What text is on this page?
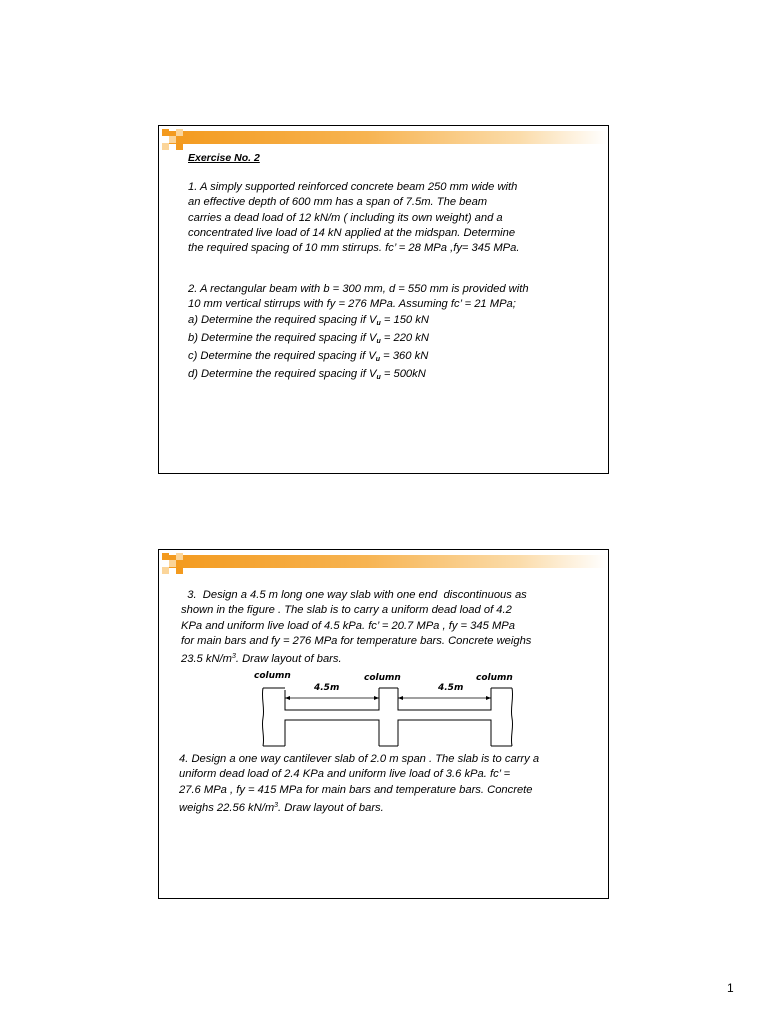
Exercise No. 2
1. A simply supported reinforced concrete beam 250 mm wide with
an effective depth of 600 mm has a span of 7.5m. The beam
carries a dead load of 12 kN/m ( including its own weight) and a
concentrated live load of 14 kN applied at the midspan. Determine
the required spacing of 10 mm stirrups. fc’ = 28 MPa ,fy= 345 MPa.
2. A rectangular beam with b = 300 mm, d = 550 mm is provided with
10 mm vertical stirrups with fy = 276 MPa. Assuming fc’ = 21 MPa;
a) Determine the required spacing if $V_u = 150$ kN
b) Determine the required spacing if $V_u = 220$ kN
c) Determine the required spacing if $V_u = 360$ kN
d) Determine the required spacing if $V_u = 500kN$
3.  Design a 4.5 m long one way slab with one end  discontinuous as
shown in the figure . The slab is to carry a uniform dead load of 4.2
KPa and uniform live load of 4.5 kPa. fc’ = 20.7 MPa , fy = 345 MPa
for main bars and fy = 276 MPa for temperature bars. Concrete weighs
23.5 $kN/m^3$. Draw layout of bars.
column	column	column
4.5m	4.5m
4. Design a one way cantilever slab of 2.0 m span . The slab is to carry a
uniform dead load of 2.4 KPa and uniform live load of 3.6 kPa. fc’ =
27.6 MPa , fy = 415 MPa for main bars and temperature bars. Concrete
weighs 22.56 $kN/m^3$. Draw layout of bars.
1
